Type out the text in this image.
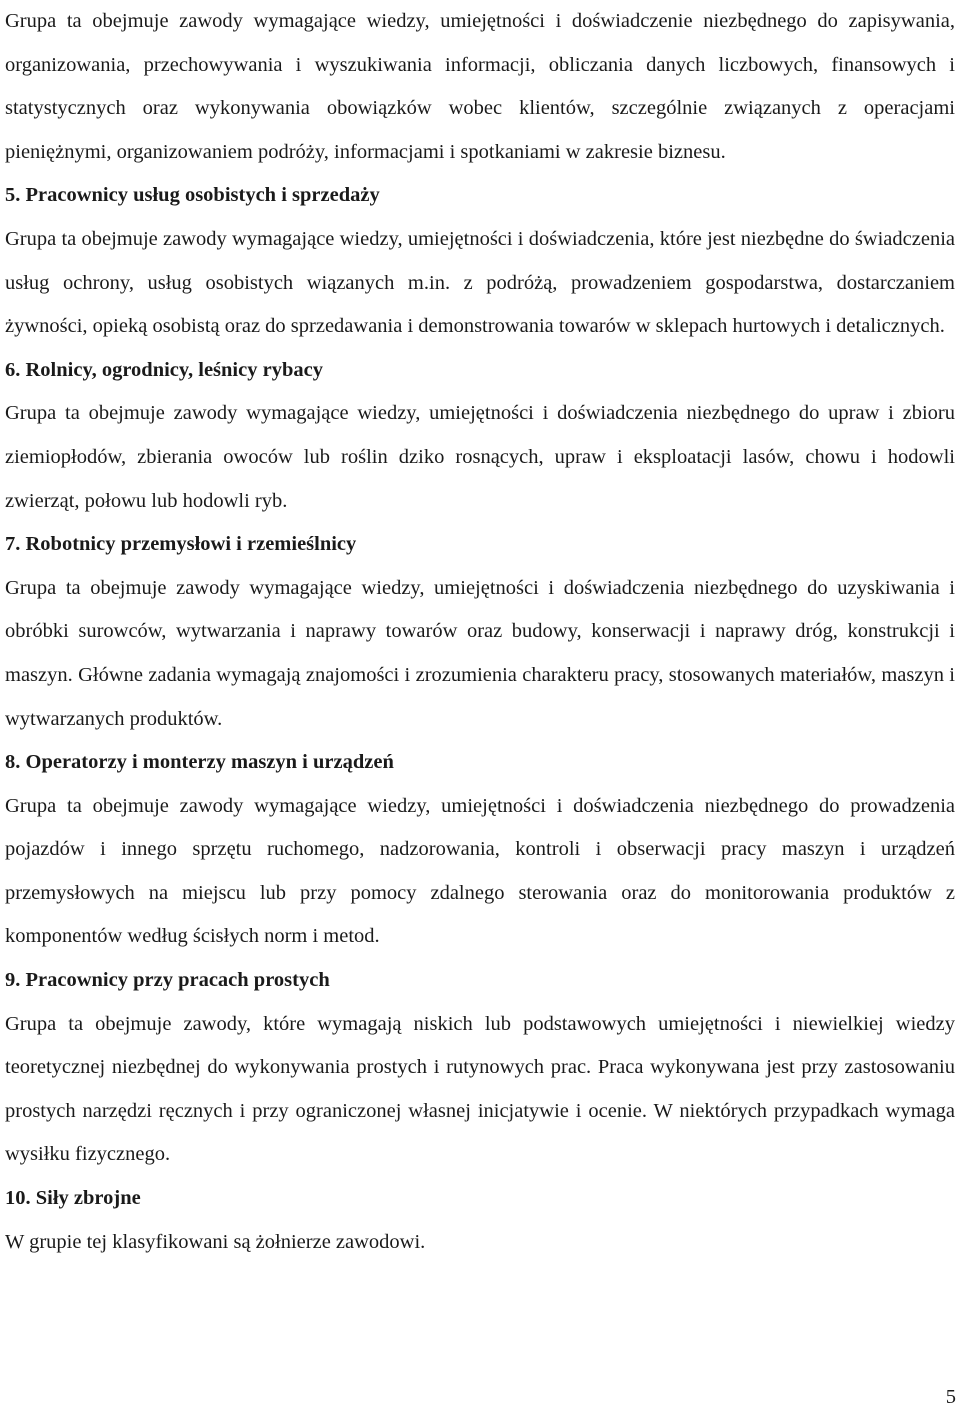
Grupa ta obejmuje zawody wymagające wiedzy, umiejętności i doświadczenie niezbędnego do zapisywania, organizowania, przechowywania i wyszukiwania informacji, obliczania danych liczbowych, finansowych i statystycznych oraz wykonywania obowiązków wobec klientów, szczególnie związanych z operacjami pieniężnymi, organizowaniem podróży, informacjami i spotkaniami w zakresie biznesu.

5. Pracownicy usług osobistych i sprzedaży

Grupa ta obejmuje zawody wymagające wiedzy, umiejętności i doświadczenia, które jest niezbędne do świadczenia usług ochrony, usług osobistych wiązanych m.in. z podróżą, prowadzeniem gospodarstwa, dostarczaniem żywności, opieką osobistą oraz do sprzedawania i demonstrowania towarów w sklepach hurtowych i detalicznych.

6. Rolnicy, ogrodnicy, leśnicy rybacy

Grupa ta obejmuje zawody wymagające wiedzy, umiejętności i doświadczenia niezbędnego do upraw i zbioru ziemiopłodów, zbierania owoców lub roślin dziko rosnących, upraw i eksploatacji lasów, chowu i hodowli zwierząt, połowu lub hodowli ryb.

7. Robotnicy przemysłowi i rzemieślnicy

Grupa ta obejmuje zawody wymagające wiedzy, umiejętności i doświadczenia niezbędnego do uzyskiwania i obróbki surowców, wytwarzania i naprawy towarów oraz budowy, konserwacji i naprawy dróg, konstrukcji i maszyn. Główne zadania wymagają znajomości i zrozumienia charakteru pracy, stosowanych materiałów, maszyn i wytwarzanych produktów.

8. Operatorzy i monterzy maszyn i urządzeń

Grupa ta obejmuje zawody wymagające wiedzy, umiejętności i doświadczenia niezbędnego do prowadzenia pojazdów i innego sprzętu ruchomego, nadzorowania, kontroli i obserwacji pracy maszyn i urządzeń przemysłowych na miejscu lub przy pomocy zdalnego sterowania oraz do monitorowania produktów z komponentów według ścisłych norm i metod.

9. Pracownicy przy pracach prostych

Grupa ta obejmuje zawody, które wymagają niskich lub podstawowych umiejętności i niewielkiej wiedzy teoretycznej niezbędnej do wykonywania prostych i rutynowych prac. Praca wykonywana jest przy zastosowaniu prostych narzędzi ręcznych i przy ograniczonej własnej inicjatywie i ocenie. W niektórych przypadkach wymaga wysiłku fizycznego.

10. Siły zbrojne

W grupie tej klasyfikowani są żołnierze zawodowi.

5
